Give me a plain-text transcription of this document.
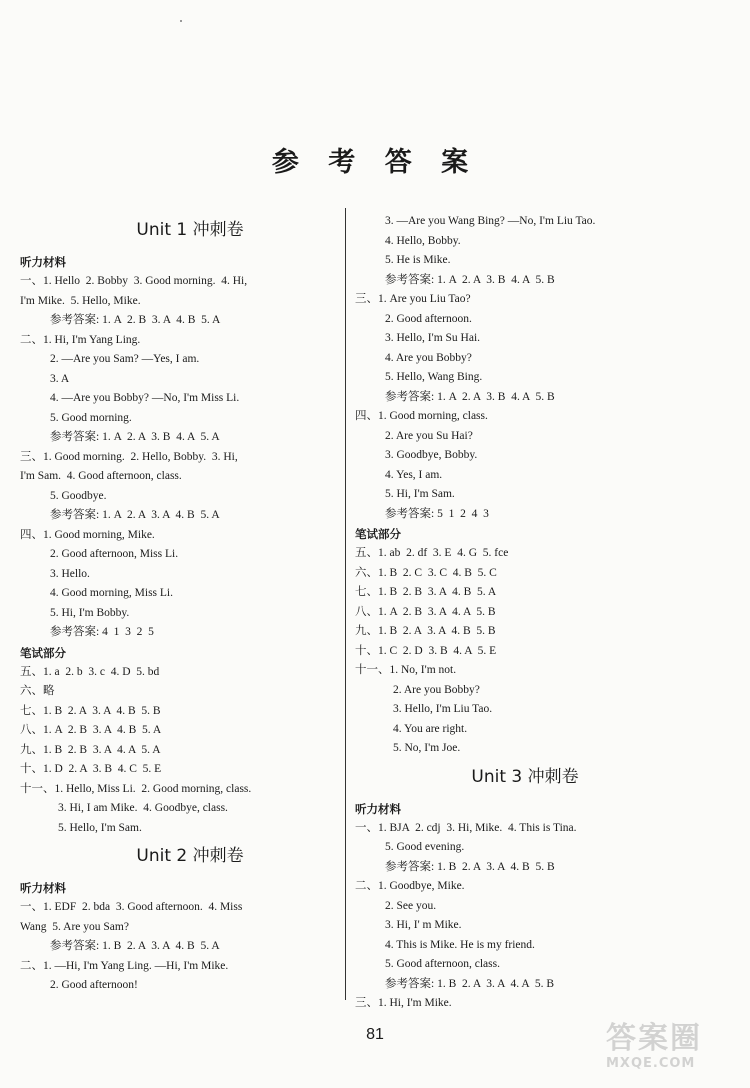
参 考 答 案
Unit 1 冲刺卷
听力材料
一、1. Hello  2. Bobby  3. Good morning.  4. Hi,
I'm Mike.  5. Hello, Mike.
参考答案: 1. A  2. B  3. A  4. B  5. A
二、1. Hi, I'm Yang Ling.
2. —Are you Sam? —Yes, I am.
3. A
4. —Are you Bobby? —No, I'm Miss Li.
5. Good morning.
参考答案: 1. A  2. A  3. B  4. A  5. A
三、1. Good morning.  2. Hello, Bobby.  3. Hi,
I'm Sam.  4. Good afternoon, class.
5. Goodbye.
参考答案: 1. A  2. A  3. A  4. B  5. A
四、1. Good morning, Mike.
2. Good afternoon, Miss Li.
3. Hello.
4. Good morning, Miss Li.
5. Hi, I'm Bobby.
参考答案: 4  1  3  2  5
笔试部分
五、1. a  2. b  3. c  4. D  5. bd
六、略
七、1. B  2. A  3. A  4. B  5. B
八、1. A  2. B  3. A  4. B  5. A
九、1. B  2. B  3. A  4. A  5. A
十、1. D  2. A  3. B  4. C  5. E
十一、1. Hello, Miss Li.  2. Good morning, class.
3. Hi, I am Mike.  4. Goodbye, class.
5. Hello, I'm Sam.
Unit 2 冲刺卷
听力材料
一、1. EDF  2. bda  3. Good afternoon.  4. Miss
Wang  5. Are you Sam?
参考答案: 1. B  2. A  3. A  4. B  5. A
二、1. —Hi, I'm Yang Ling. —Hi, I'm Mike.
2. Good afternoon!
3. —Are you Wang Bing? —No, I'm Liu Tao.
4. Hello, Bobby.
5. He is Mike.
参考答案: 1. A  2. A  3. B  4. A  5. B
三、1. Are you Liu Tao?
2. Good afternoon.
3. Hello, I'm Su Hai.
4. Are you Bobby?
5. Hello, Wang Bing.
参考答案: 1. A  2. A  3. B  4. A  5. B
四、1. Good morning, class.
2. Are you Su Hai?
3. Goodbye, Bobby.
4. Yes, I am.
5. Hi, I'm Sam.
参考答案: 5  1  2  4  3
笔试部分
五、1. ab  2. df  3. E  4. G  5. fce
六、1. B  2. C  3. C  4. B  5. C
七、1. B  2. B  3. A  4. B  5. A
八、1. A  2. B  3. A  4. A  5. B
九、1. B  2. A  3. A  4. B  5. B
十、1. C  2. D  3. B  4. A  5. E
十一、1. No, I'm not.
2. Are you Bobby?
3. Hello, I'm Liu Tao.
4. You are right.
5. No, I'm Joe.
Unit 3 冲刺卷
听力材料
一、1. BJA  2. cdj  3. Hi, Mike.  4. This is Tina.
5. Good evening.
参考答案: 1. B  2. A  3. A  4. B  5. B
二、1. Goodbye, Mike.
2. See you.
3. Hi, I' m Mike.
4. This is Mike. He is my friend.
5. Good afternoon, class.
参考答案: 1. B  2. A  3. A  4. A  5. B
三、1. Hi, I'm Mike.
81	答案圈
MXQE.COM
